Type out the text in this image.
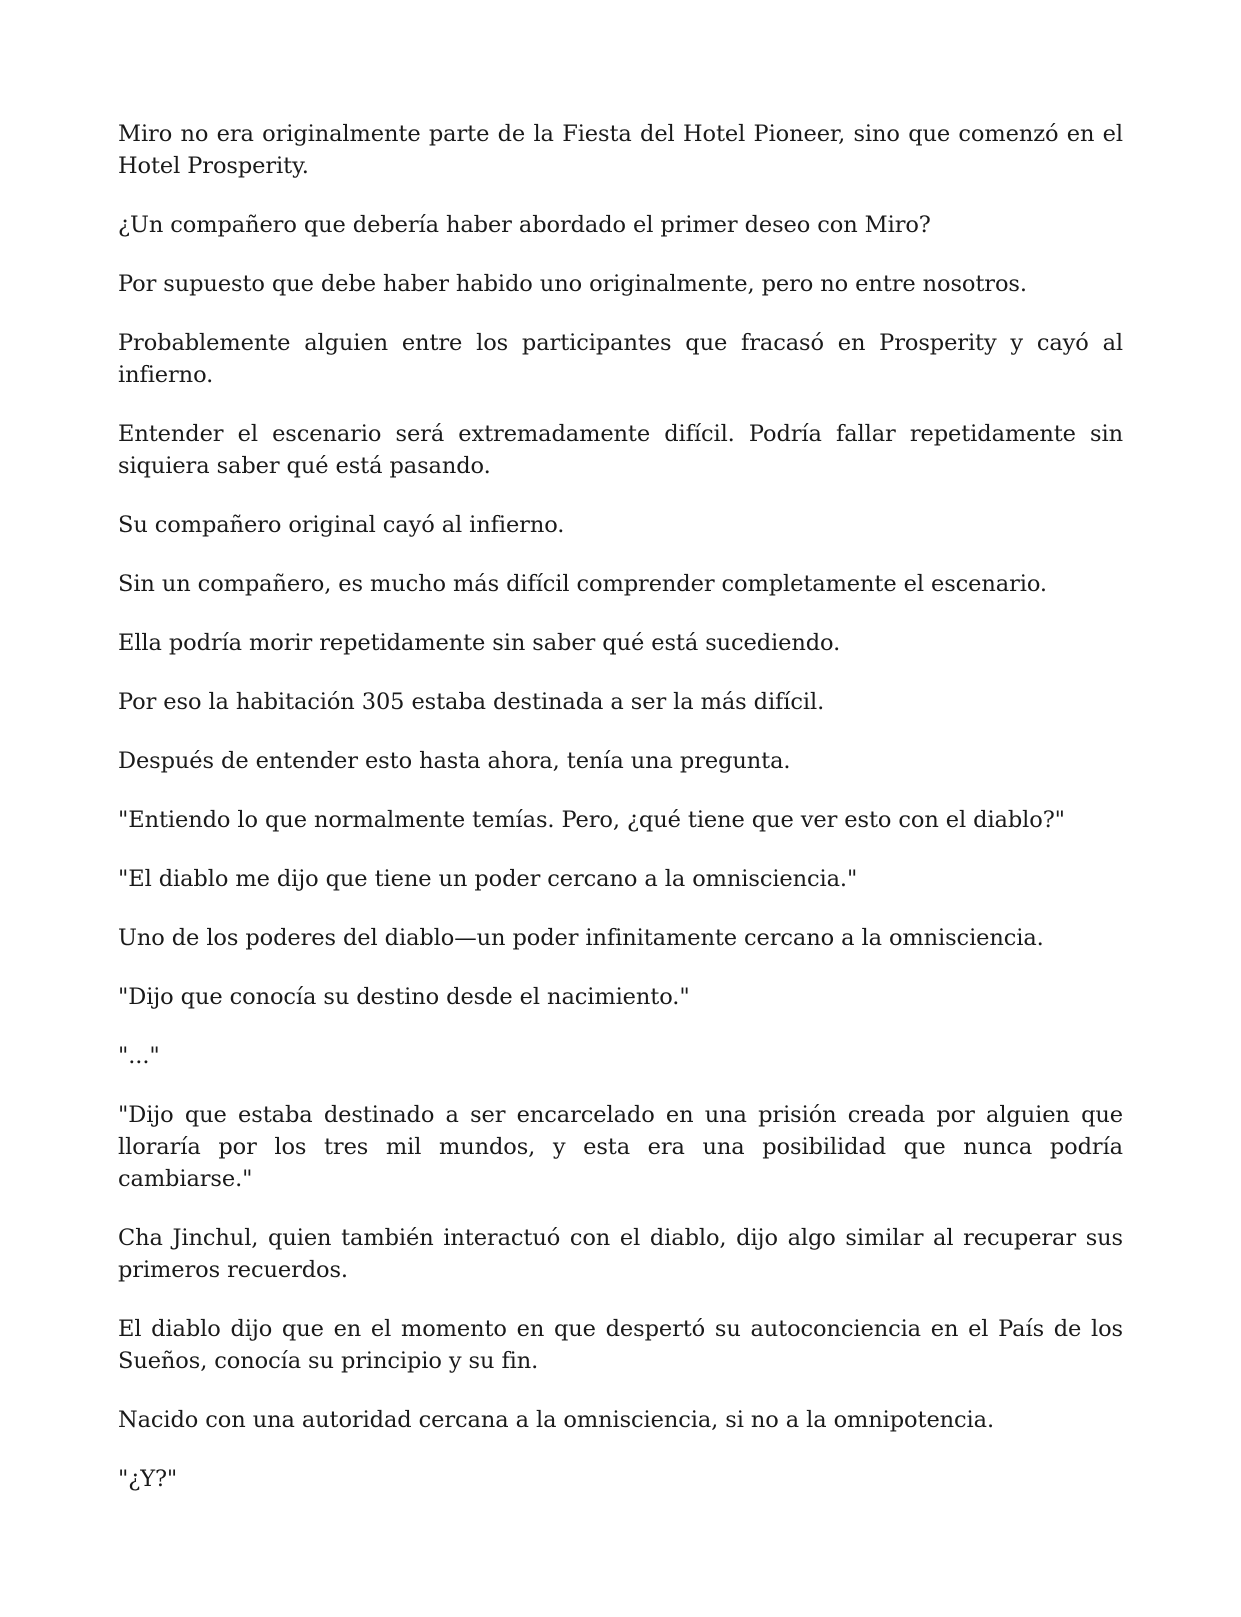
Miro no era originalmente parte de la Fiesta del Hotel Pioneer, sino que comenzó en el Hotel Prosperity.

¿Un compañero que debería haber abordado el primer deseo con Miro?

Por supuesto que debe haber habido uno originalmente, pero no entre nosotros.

Probablemente alguien entre los participantes que fracasó en Prosperity y cayó al infierno.

Entender el escenario será extremadamente difícil. Podría fallar repetidamente sin siquiera saber qué está pasando.

Su compañero original cayó al infierno.

Sin un compañero, es mucho más difícil comprender completamente el escenario.

Ella podría morir repetidamente sin saber qué está sucediendo.

Por eso la habitación 305 estaba destinada a ser la más difícil.

Después de entender esto hasta ahora, tenía una pregunta.

"Entiendo lo que normalmente temías. Pero, ¿qué tiene que ver esto con el diablo?"

"El diablo me dijo que tiene un poder cercano a la omnisciencia."

Uno de los poderes del diablo—un poder infinitamente cercano a la omnisciencia.

"Dijo que conocía su destino desde el nacimiento."

"..."

"Dijo que estaba destinado a ser encarcelado en una prisión creada por alguien que lloraría por los tres mil mundos, y esta era una posibilidad que nunca podría cambiarse."

Cha Jinchul, quien también interactuó con el diablo, dijo algo similar al recuperar sus primeros recuerdos.

El diablo dijo que en el momento en que despertó su autoconciencia en el País de los Sueños, conocía su principio y su fin.

Nacido con una autoridad cercana a la omnisciencia, si no a la omnipotencia.

"¿Y?"
